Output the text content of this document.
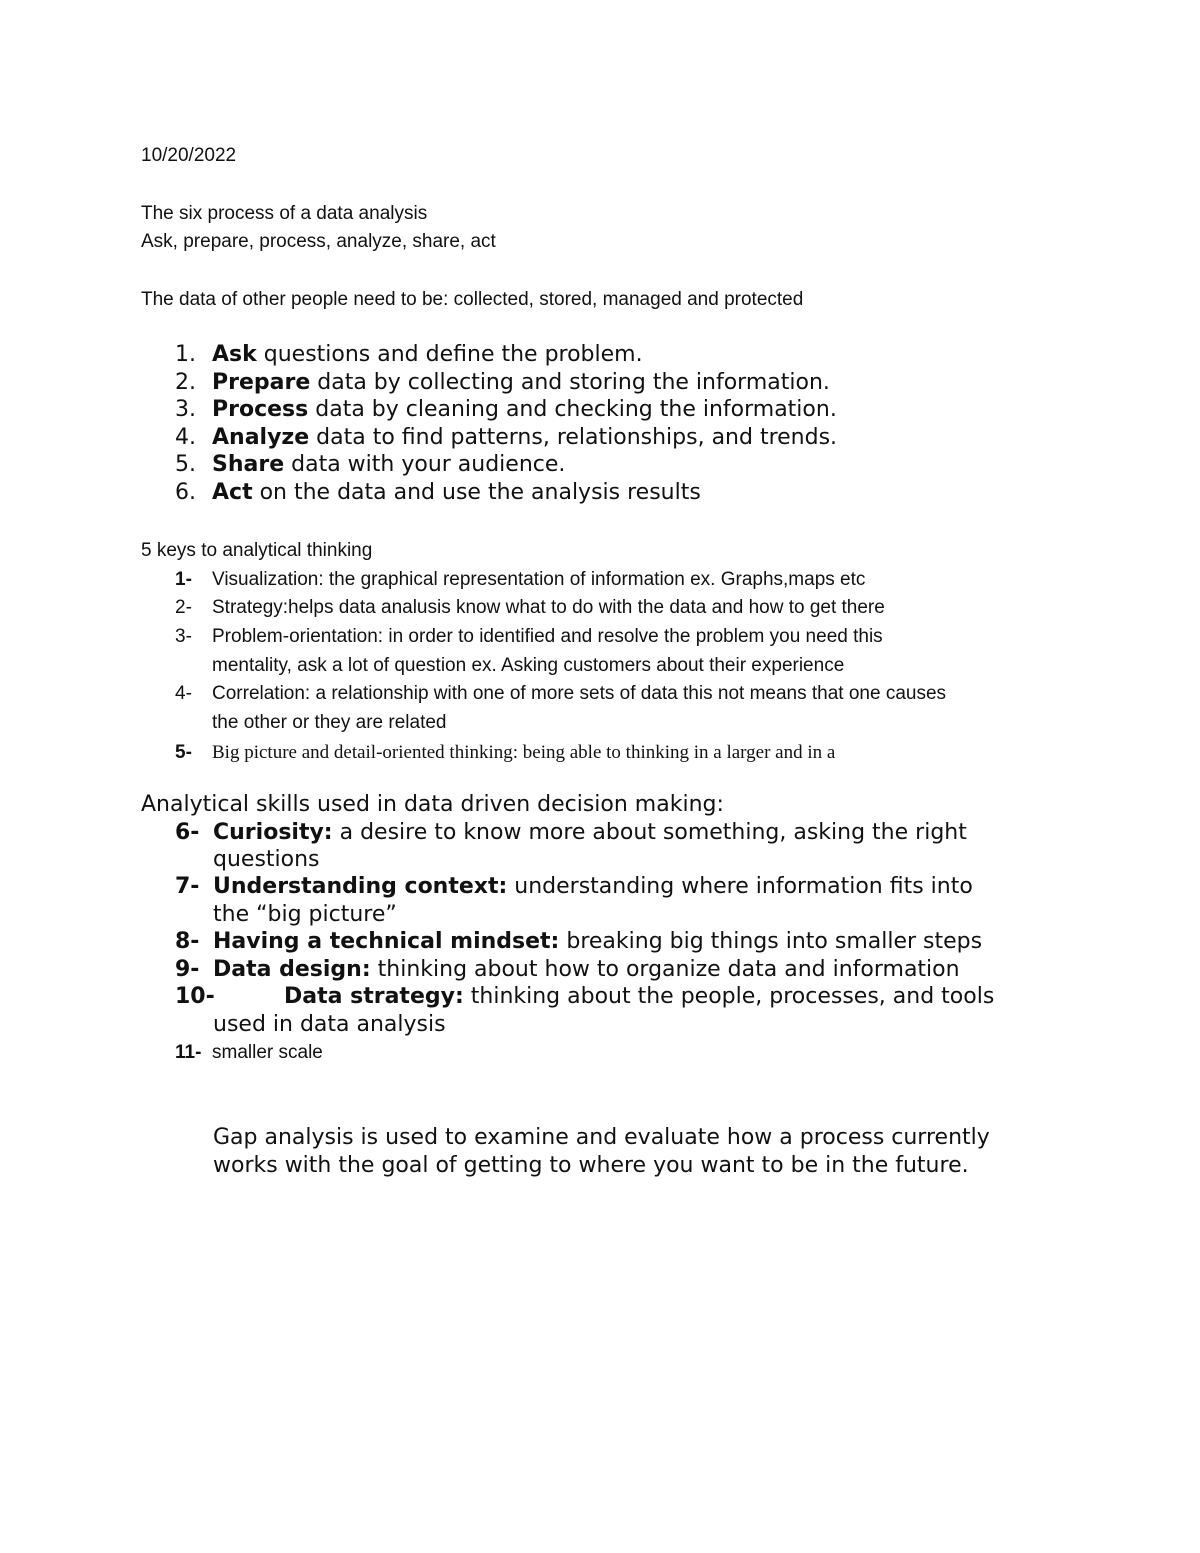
10/20/2022
The six process of a data analysis
Ask, prepare, process, analyze, share, act
The data of other people need to be: collected, stored, managed and protected
1. Ask questions and define the problem.
2. Prepare data by collecting and storing the information.
3. Process data by cleaning and checking the information.
4. Analyze data to find patterns, relationships, and trends.
5. Share data with your audience.
6. Act on the data and use the analysis results
5 keys to analytical thinking
1- Visualization: the graphical representation of information ex. Graphs,maps etc
2- Strategy:helps data analusis know what to do with the data and how to get there
3- Problem-orientation: in order to identified and resolve the problem you need this
mentality, ask a lot of question ex. Asking customers about their experience
4- Correlation: a relationship with one of more sets of data this not means that one causes
the other or they are related
5- Big picture and detail-oriented thinking: being able to thinking in a larger and in a
Analytical skills used in data driven decision making:
6- Curiosity: a desire to know more about something, asking the right
questions
7- Understanding context: understanding where information fits into
the “big picture”
8- Having a technical mindset: breaking big things into smaller steps
9- Data design: thinking about how to organize data and information
10-	Data strategy: thinking about the people, processes, and tools
used in data analysis
11- smaller scale
Gap analysis is used to examine and evaluate how a process currently
works with the goal of getting to where you want to be in the future.
